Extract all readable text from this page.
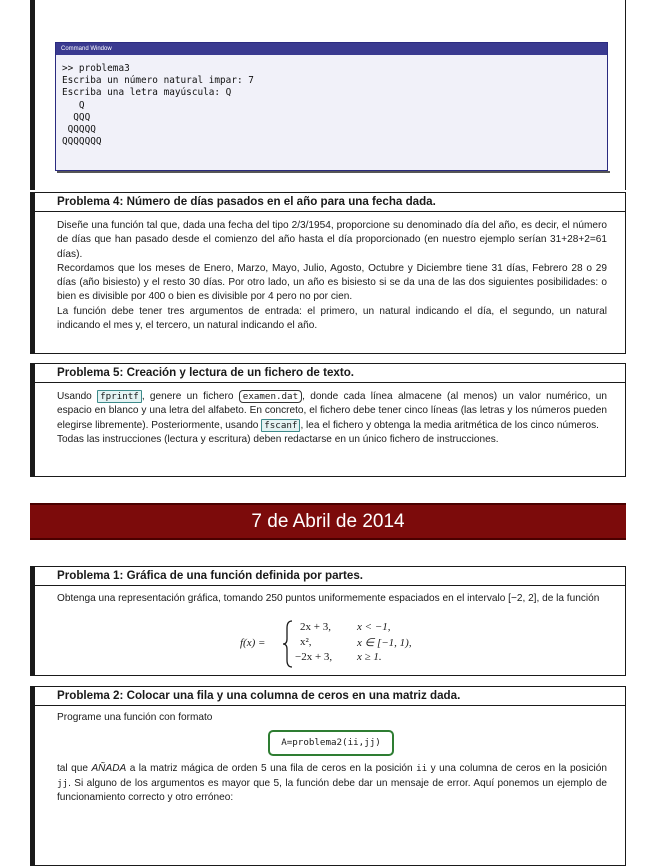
Command Window
>> problema3
Escriba un número natural impar: 7
Escriba una letra mayúscula: Q
Q
QQQ
QQQQQ
QQQQQQQ
Problema 4: Número de días pasados en el año para una fecha dada.

Diseñe una función tal que, dada una fecha del tipo 2/3/1954, proporcione su denominado día del año, es decir, el número de días que han pasado desde el comienzo del año hasta el día proporcionado (en nuestro ejemplo serían 31+28+2=61 días).

Recordamos que los meses de Enero, Marzo, Mayo, Julio, Agosto, Octubre y Diciembre tiene 31 días, Febrero 28 o 29 días (año bisiesto) y el resto 30 días. Por otro lado, un año es bisiesto si se da una de las dos siguientes posibilidades: o bien es divisible por 400 o bien es divisible por 4 pero no por cien.

La función debe tener tres argumentos de entrada: el primero, un natural indicando el día, el segundo, un natural indicando el mes y, el tercero, un natural indicando el año.

Problema 5: Creación y lectura de un fichero de texto.

Usando fprintf , genere un fichero examen.dat , donde cada línea almacene (al menos) un valor numérico, un espacio en blanco y una letra del alfabeto. En concreto, el fichero debe tener cinco líneas (las letras y los números pueden elegirse libremente). Posteriormente, usando fscanf , lea el fichero y obtenga la media aritmética de los cinco números.

Todas las instrucciones (lectura y escritura) deben redactarse en un único fichero de instrucciones.

7 de Abril de 2014
Problema 1: Gráfica de una función definida por partes.

Obtenga una representación gráfica, tomando 250 puntos uniformemente espaciados en el intervalo [−2, 2], de la función

f(x) =
2x + 3, x < −1,
x²,	x ∈ [−1, 1),
−2x + 3, x ≥ 1.
Problema 2: Colocar una fila y una columna de ceros en una matriz dada.

Programe una función con formato

tal que AÑADA a la matriz mágica de orden 5 una fila de ceros en la posición ii y una columna de ceros en la posición jj. Si alguno de los argumentos es mayor que 5, la función debe dar un mensaje de error. Aquí ponemos un ejemplo de funcionamiento correcto y otro erróneo:

A=problema2(ii,jj)
